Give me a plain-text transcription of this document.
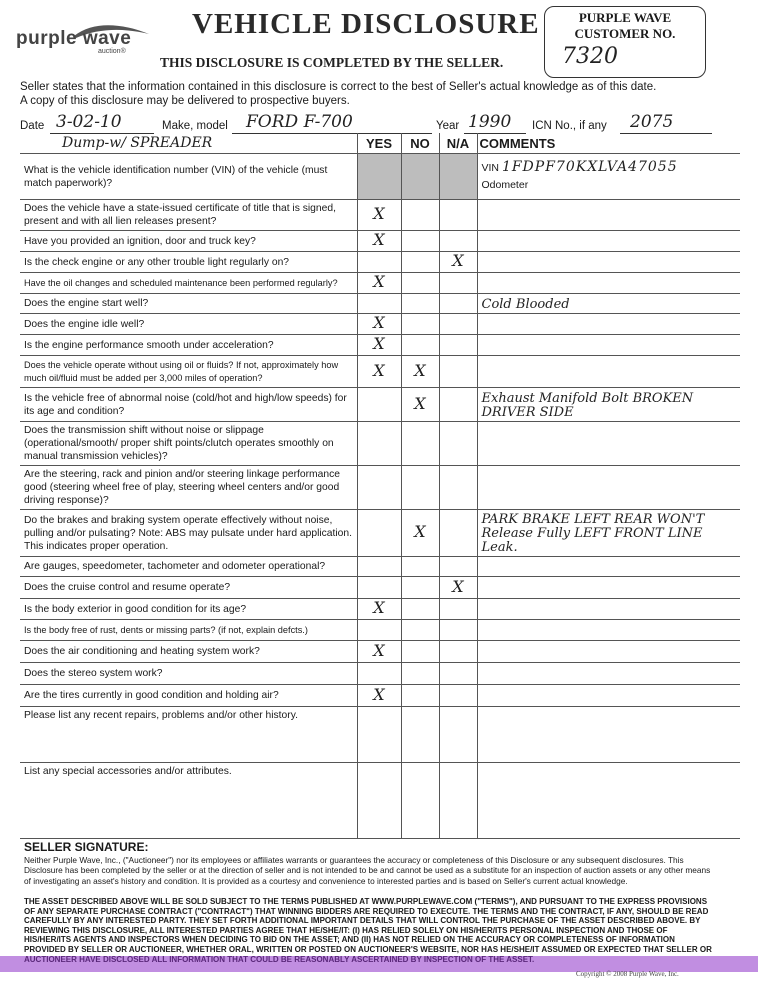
purple wave
auction®
VEHICLE DISCLOSURE
THIS DISCLOSURE IS COMPLETED BY THE SELLER.
PURPLE WAVE
CUSTOMER NO.
7320
Seller states that the information contained in this disclosure is correct to the best of Seller's actual knowledge as of this date.
A copy of this disclosure may be delivered to prospective buyers.
Date 3-02-10	Make, model FORD F-700	Year 1990 ICN No., if any 2075
Dump-w/ SPREADER	YES	NO	N/A	COMMENTS
What is the vehicle identification number (VIN) of the vehicle (must match paperwork)?				VIN 1FDPF70KXLVA47055
Odometer

Does the vehicle have a state-issued certificate of title that is signed, present and with all lien releases present?	X			
Have you provided an ignition, door and truck key?	X			
Is the check engine or any other trouble light regularly on?			X	
Have the oil changes and scheduled maintenance been performed regularly?	X			
Does the engine start well?				Cold Blooded
Does the engine idle well?	X			
Is the engine performance smooth under acceleration?	X			
Does the vehicle operate without using oil or fluids? If not, approximately how much oil/fluid must be added per 3,000 miles of operation?	X	X		
Is the vehicle free of abnormal noise (cold/hot and high/low speeds) for its age and condition?		X		Exhaust Manifold Bolt BROKEN DRIVER SIDE
Does the transmission shift without noise or slippage (operational/smooth/ proper shift points/clutch operates smoothly on manual transmission vehicles)?				
Are the steering, rack and pinion and/or steering linkage performance good (steering wheel free of play, steering wheel centers and/or good driving response)?				
Do the brakes and braking system operate effectively without noise, pulling and/or pulsating? Note: ABS may pulsate under hard application. This indicates proper operation.		X		PARK BRAKE LEFT REAR WON'T Release Fully LEFT FRONT LINE Leak.
Are gauges, speedometer, tachometer and odometer operational?				
Does the cruise control and resume operate?			X	
Is the body exterior in good condition for its age?	X			
Is the body free of rust, dents or missing parts? (if not, explain defcts.)				
Does the air conditioning and heating system work?	X			
Does the stereo system work?				
Are the tires currently in good condition and holding air?	X			
Please list any recent repairs, problems and/or other history.				
List any special accessories and/or attributes.				
SELLER SIGNATURE:
Neither Purple Wave, Inc., ("Auctioneer") nor its employees or affiliates warrants or guarantees the accuracy or completeness of this Disclosure or any subsequent disclosures. This Disclosure has been completed by the seller or at the direction of seller and is not intended to be and cannot be used as a substitute for an inspection of auction assets or any other means of investigating an asset's history and condition. It is provided as a courtesy and convenience to interested parties and is based on Seller's current actual knowledge.
THE ASSET DESCRIBED ABOVE WILL BE SOLD SUBJECT TO THE TERMS PUBLISHED AT WWW.PURPLEWAVE.COM ("TERMS"), AND PURSUANT TO THE EXPRESS PROVISIONS OF ANY SEPARATE PURCHASE CONTRACT ("CONTRACT") THAT WINNING BIDDERS ARE REQUIRED TO EXECUTE. THE TERMS AND THE CONTRACT, IF ANY, SHOULD BE READ CAREFULLY BY ANY INTERESTED PARTY. THEY SET FORTH ADDITIONAL IMPORTANT DETAILS THAT WILL CONTROL THE PURCHASE OF THE ASSET DESCRIBED ABOVE. BY REVIEWING THIS DISCLOSURE, ALL INTERESTED PARTIES AGREE THAT HE/SHE/IT: (I) HAS RELIED SOLELY ON HIS/HER/ITS PERSONAL INSPECTION AND THOSE OF HIS/HER/ITS AGENTS AND INSPECTORS WHEN DECIDING TO BID ON THE ASSET; AND (II) HAS NOT RELIED ON THE ACCURACY OR COMPLETENESS OF INFORMATION PROVIDED BY SELLER OR AUCTIONEER, WHETHER ORAL, WRITTEN OR POSTED ON AUCTIONEER'S WEBSITE, NOR HAS HE/SHE/IT ASSUMED OR EXPECTED THAT SELLER OR
Copyright © 2008 Purple Wave, Inc.
